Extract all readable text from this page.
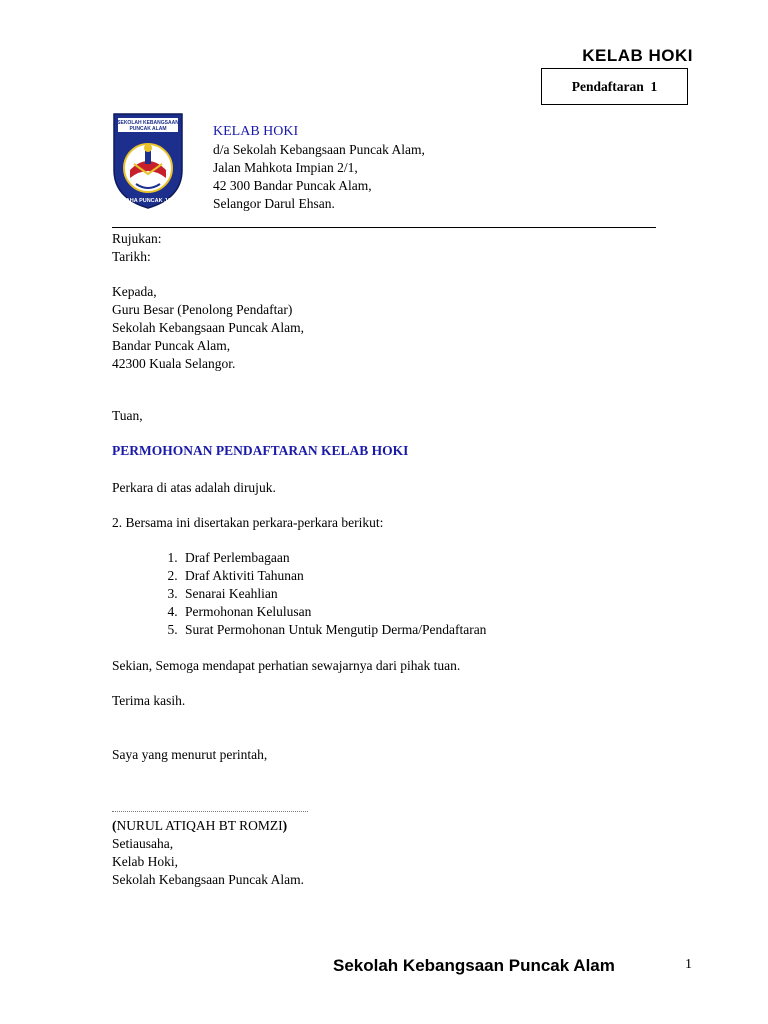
KELAB HOKI
Pendaftaran  1
SEKOLAH KEBANGSAAN
PUNCAK ALAM
USAHA PUNCAK JAYA
KELAB HOKI
d/a Sekolah Kebangsaan Puncak Alam,
Jalan Mahkota Impian 2/1,
42 300 Bandar Puncak Alam,
Selangor Darul Ehsan.
Rujukan:
Tarikh:
Kepada,
Guru Besar (Penolong Pendaftar)
Sekolah Kebangsaan Puncak Alam,
Bandar Puncak Alam,
42300 Kuala Selangor.
Tuan,
PERMOHONAN PENDAFTARAN KELAB HOKI
Perkara di atas adalah dirujuk.
2. Bersama ini disertakan perkara-perkara berikut:
1. Draf Perlembagaan
2. Draf Aktiviti Tahunan
3. Senarai Keahlian
4. Permohonan Kelulusan
5. Surat Permohonan Untuk Mengutip Derma/Pendaftaran
Sekian, Semoga mendapat perhatian sewajarnya dari pihak tuan.
Terima kasih.
Saya yang menurut perintah,
(NURUL ATIQAH BT ROMZI)
Setiausaha,
Kelab Hoki,
Sekolah Kebangsaan Puncak Alam.
Sekolah Kebangsaan Puncak Alam	1
